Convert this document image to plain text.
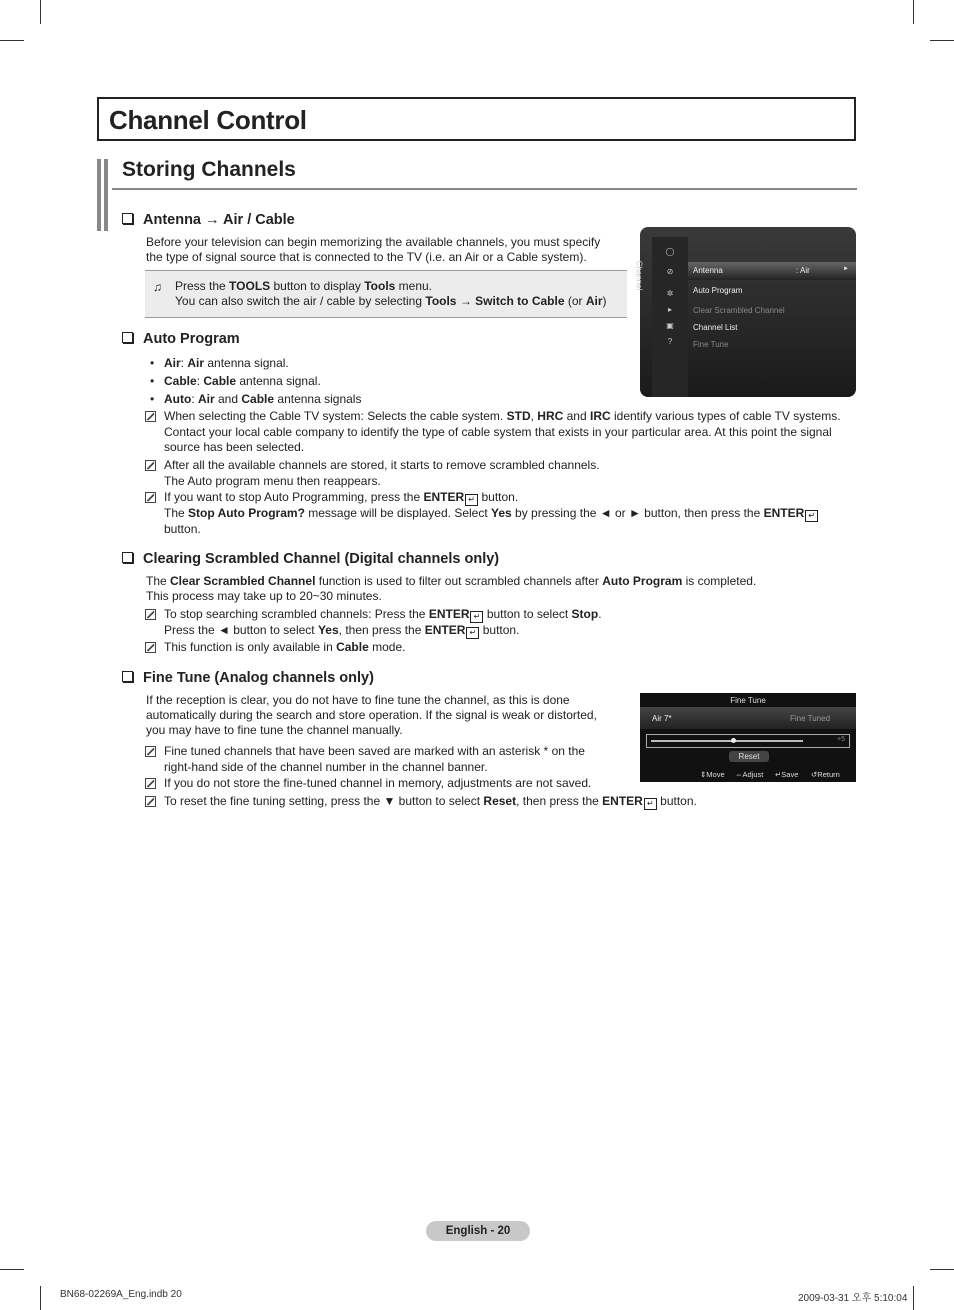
Channel Control
Storing Channels
Antenna → Air / Cable
Before your television can begin memorizing the available channels, you must specify
the type of signal source that is connected to the TV (i.e. an Air or a Cable system).
♫ Press the TOOLS button to display Tools menu.
You can also switch the air / cable by selecting Tools → Switch to Cable (or Air)
Channel
◯
⊘
✲
▸
▣
?
Antenna	: Air	►
Auto Program
Clear Scrambled Channel
Channel List
Fine Tune
Auto Program
• Air: Air antenna signal.
• Cable: Cable antenna signal.
• Auto: Air and Cable antenna signals
When selecting the Cable TV system: Selects the cable system. STD, HRC and IRC identify various types of cable TV systems.
Contact your local cable company to identify the type of cable system that exists in your particular area. At this point the signal
source has been selected.
After all the available channels are stored, it starts to remove scrambled channels.
The Auto program menu then reappears.
If you want to stop Auto Programming, press the ENTER ↵ button.
The Stop Auto Program? message will be displayed. Select Yes by pressing the ◄ or ► button, then press the ENTER ↵
button.
Clearing Scrambled Channel (Digital channels only)
The Clear Scrambled Channel function is used to filter out scrambled channels after Auto Program is completed.
This process may take up to 20~30 minutes.
To stop searching scrambled channels: Press the ENTER ↵ button to select Stop.
Press the ◄ button to select Yes, then press the ENTER ↵ button.
This function is only available in Cable mode.
Fine Tune (Analog channels only)
If the reception is clear, you do not have to fine tune the channel, as this is done
automatically during the search and store operation. If the signal is weak or distorted,
you may have to fine tune the channel manually.
Fine tuned channels that have been saved are marked with an asterisk * on the
right-hand side of the channel number in the channel banner.
If you do not store the fine-tuned channel in memory, adjustments are not saved.
To reset the fine tuning setting, press the ▼ button to select Reset, then press the ENTER ↵ button.
Fine Tune
Air 7*	Fine Tuned
+5
Reset
⇕Move ⇔Adjust ↵Save ↺Return
English - 20
BN68-02269A_Eng.indb 20	2009-03-31 오후 5:10:04
